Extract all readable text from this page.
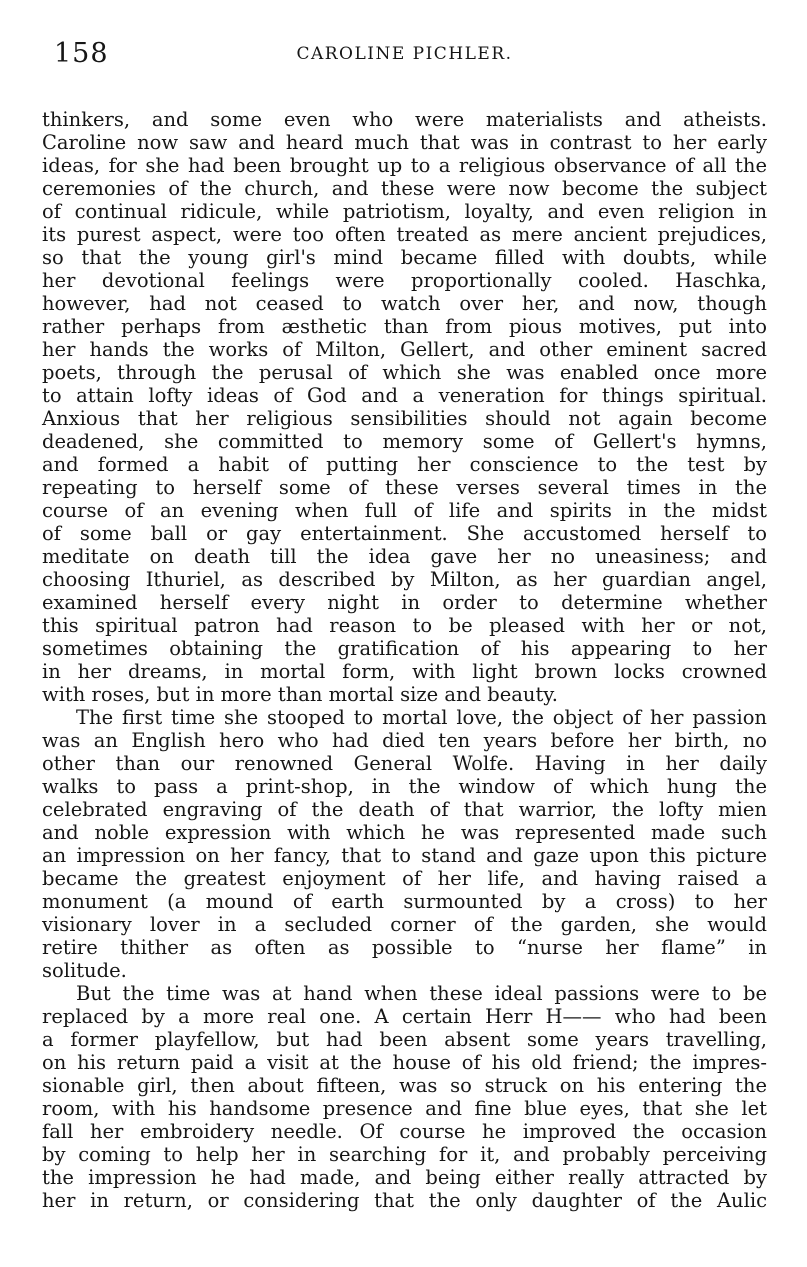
158	CAROLINE PICHLER.

thinkers, and some even who were materialists and atheists.

Caroline now saw and heard much that was in contrast to her early

ideas, for she had been brought up to a religious observance of all the

ceremonies of the church, and these were now become the subject

of continual ridicule, while patriotism, loyalty, and even religion in

its purest aspect, were too often treated as mere ancient prejudices,

so that the young girl's mind became filled with doubts, while

her devotional feelings were proportionally cooled. Haschka,

however, had not ceased to watch over her, and now, though

rather perhaps from æsthetic than from pious motives, put into

her hands the works of Milton, Gellert, and other eminent sacred

poets, through the perusal of which she was enabled once more

to attain lofty ideas of God and a veneration for things spiritual.

Anxious that her religious sensibilities should not again become

deadened, she committed to memory some of Gellert's hymns,

and formed a habit of putting her conscience to the test by

repeating to herself some of these verses several times in the

course of an evening when full of life and spirits in the midst

of some ball or gay entertainment. She accustomed herself to

meditate on death till the idea gave her no uneasiness; and

choosing Ithuriel, as described by Milton, as her guardian angel,

examined herself every night in order to determine whether

this spiritual patron had reason to be pleased with her or not,

sometimes obtaining the gratification of his appearing to her

in her dreams, in mortal form, with light brown locks crowned

with roses, but in more than mortal size and beauty.

The first time she stooped to mortal love, the object of her passion

was an English hero who had died ten years before her birth, no

other than our renowned General Wolfe. Having in her daily

walks to pass a print-shop, in the window of which hung the

celebrated engraving of the death of that warrior, the lofty mien

and noble expression with which he was represented made such

an impression on her fancy, that to stand and gaze upon this picture

became the greatest enjoyment of her life, and having raised a

monument (a mound of earth surmounted by a cross) to her

visionary lover in a secluded corner of the garden, she would

retire thither as often as possible to “nurse her flame” in

solitude.

But the time was at hand when these ideal passions were to be

replaced by a more real one. A certain Herr H—— who had been

a former playfellow, but had been absent some years travelling,

on his return paid a visit at the house of his old friend; the impres-

sionable girl, then about fifteen, was so struck on his entering the

room, with his handsome presence and fine blue eyes, that she let

fall her embroidery needle. Of course he improved the occasion

by coming to help her in searching for it, and probably perceiving

the impression he had made, and being either really attracted by

her in return, or considering that the only daughter of the Aulic
